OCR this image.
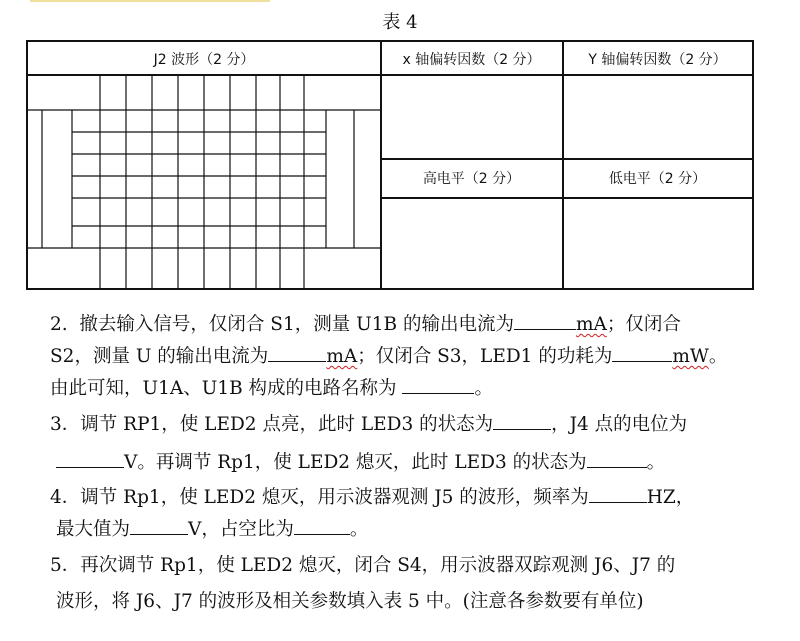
表 4
J2 波形（2 分）	x 轴偏转因数（2 分）	Y 轴偏转因数（2 分）
高电平（2 分）	低电平（2 分）
2.  撤去输入信号，仅闭合 S1，测量 U1B 的输出电流为	mA；仅闭合
S2，测量 U 的输出电流为	mA；仅闭合 S3，LED1 的功耗为	mW。
由此可知，U1A、U1B 构成的电路名称为	。
3．调节 RP1，使 LED2 点亮，此时 LED3 的状态为	，J4 点的电位为
V。再调节 Rp1，使 LED2 熄灭，此时 LED3 的状态为	。
4．调节 Rp1，使 LED2 熄灭，用示波器观测 J5 的波形，频率为	HZ，
最大值为	V，占空比为	。
5．再次调节 Rp1，使 LED2 熄灭，闭合 S4，用示波器双踪观测 J6、J7 的
波形，将 J6、J7 的波形及相关参数填入表 5 中。(注意各参数要有单位)
